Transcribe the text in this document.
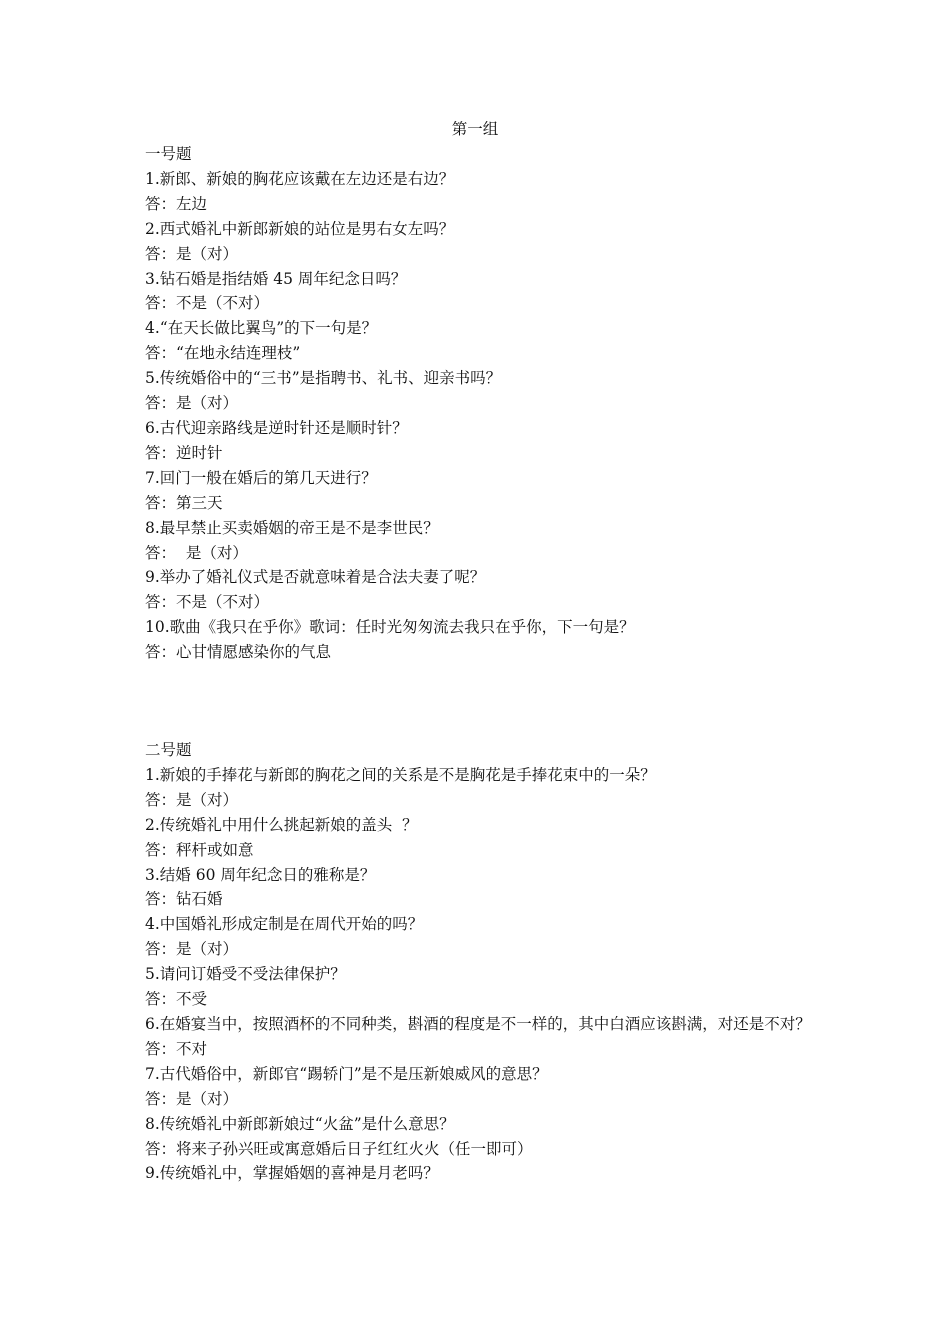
第一组
一号题
1.新郎、新娘的胸花应该戴在左边还是右边？
答：左边
2.西式婚礼中新郎新娘的站位是男右女左吗？
答：是（对）
3.钻石婚是指结婚 45 周年纪念日吗？
答：不是（不对）
4.“在天长做比翼鸟”的下一句是？
答：“在地永结连理枝”
5.传统婚俗中的“三书”是指聘书、礼书、迎亲书吗？
答：是（对）
6.古代迎亲路线是逆时针还是顺时针？
答：逆时针
7.回门一般在婚后的第几天进行？
答：第三天
8.最早禁止买卖婚姻的帝王是不是李世民？
答：  是（对）
9.举办了婚礼仪式是否就意味着是合法夫妻了呢？
答：不是（不对）
10.歌曲《我只在乎你》歌词：任时光匆匆流去我只在乎你，下一句是？
答：心甘情愿感染你的气息
二号题
1.新娘的手捧花与新郎的胸花之间的关系是不是胸花是手捧花束中的一朵？
答：是（对）
2.传统婚礼中用什么挑起新娘的盖头  ？
答：秤杆或如意
3.结婚 60 周年纪念日的雅称是？
答：钻石婚
4.中国婚礼形成定制是在周代开始的吗？
答：是（对）
5.请问订婚受不受法律保护？
答：不受
6.在婚宴当中，按照酒杯的不同种类，斟酒的程度是不一样的，其中白酒应该斟满，对还是不对？
答：不对
7.古代婚俗中，新郎官“踢轿门”是不是压新娘威风的意思？
答：是（对）
8.传统婚礼中新郎新娘过“火盆”是什么意思？
答：将来子孙兴旺或寓意婚后日子红红火火（任一即可）
9.传统婚礼中，掌握婚姻的喜神是月老吗？
